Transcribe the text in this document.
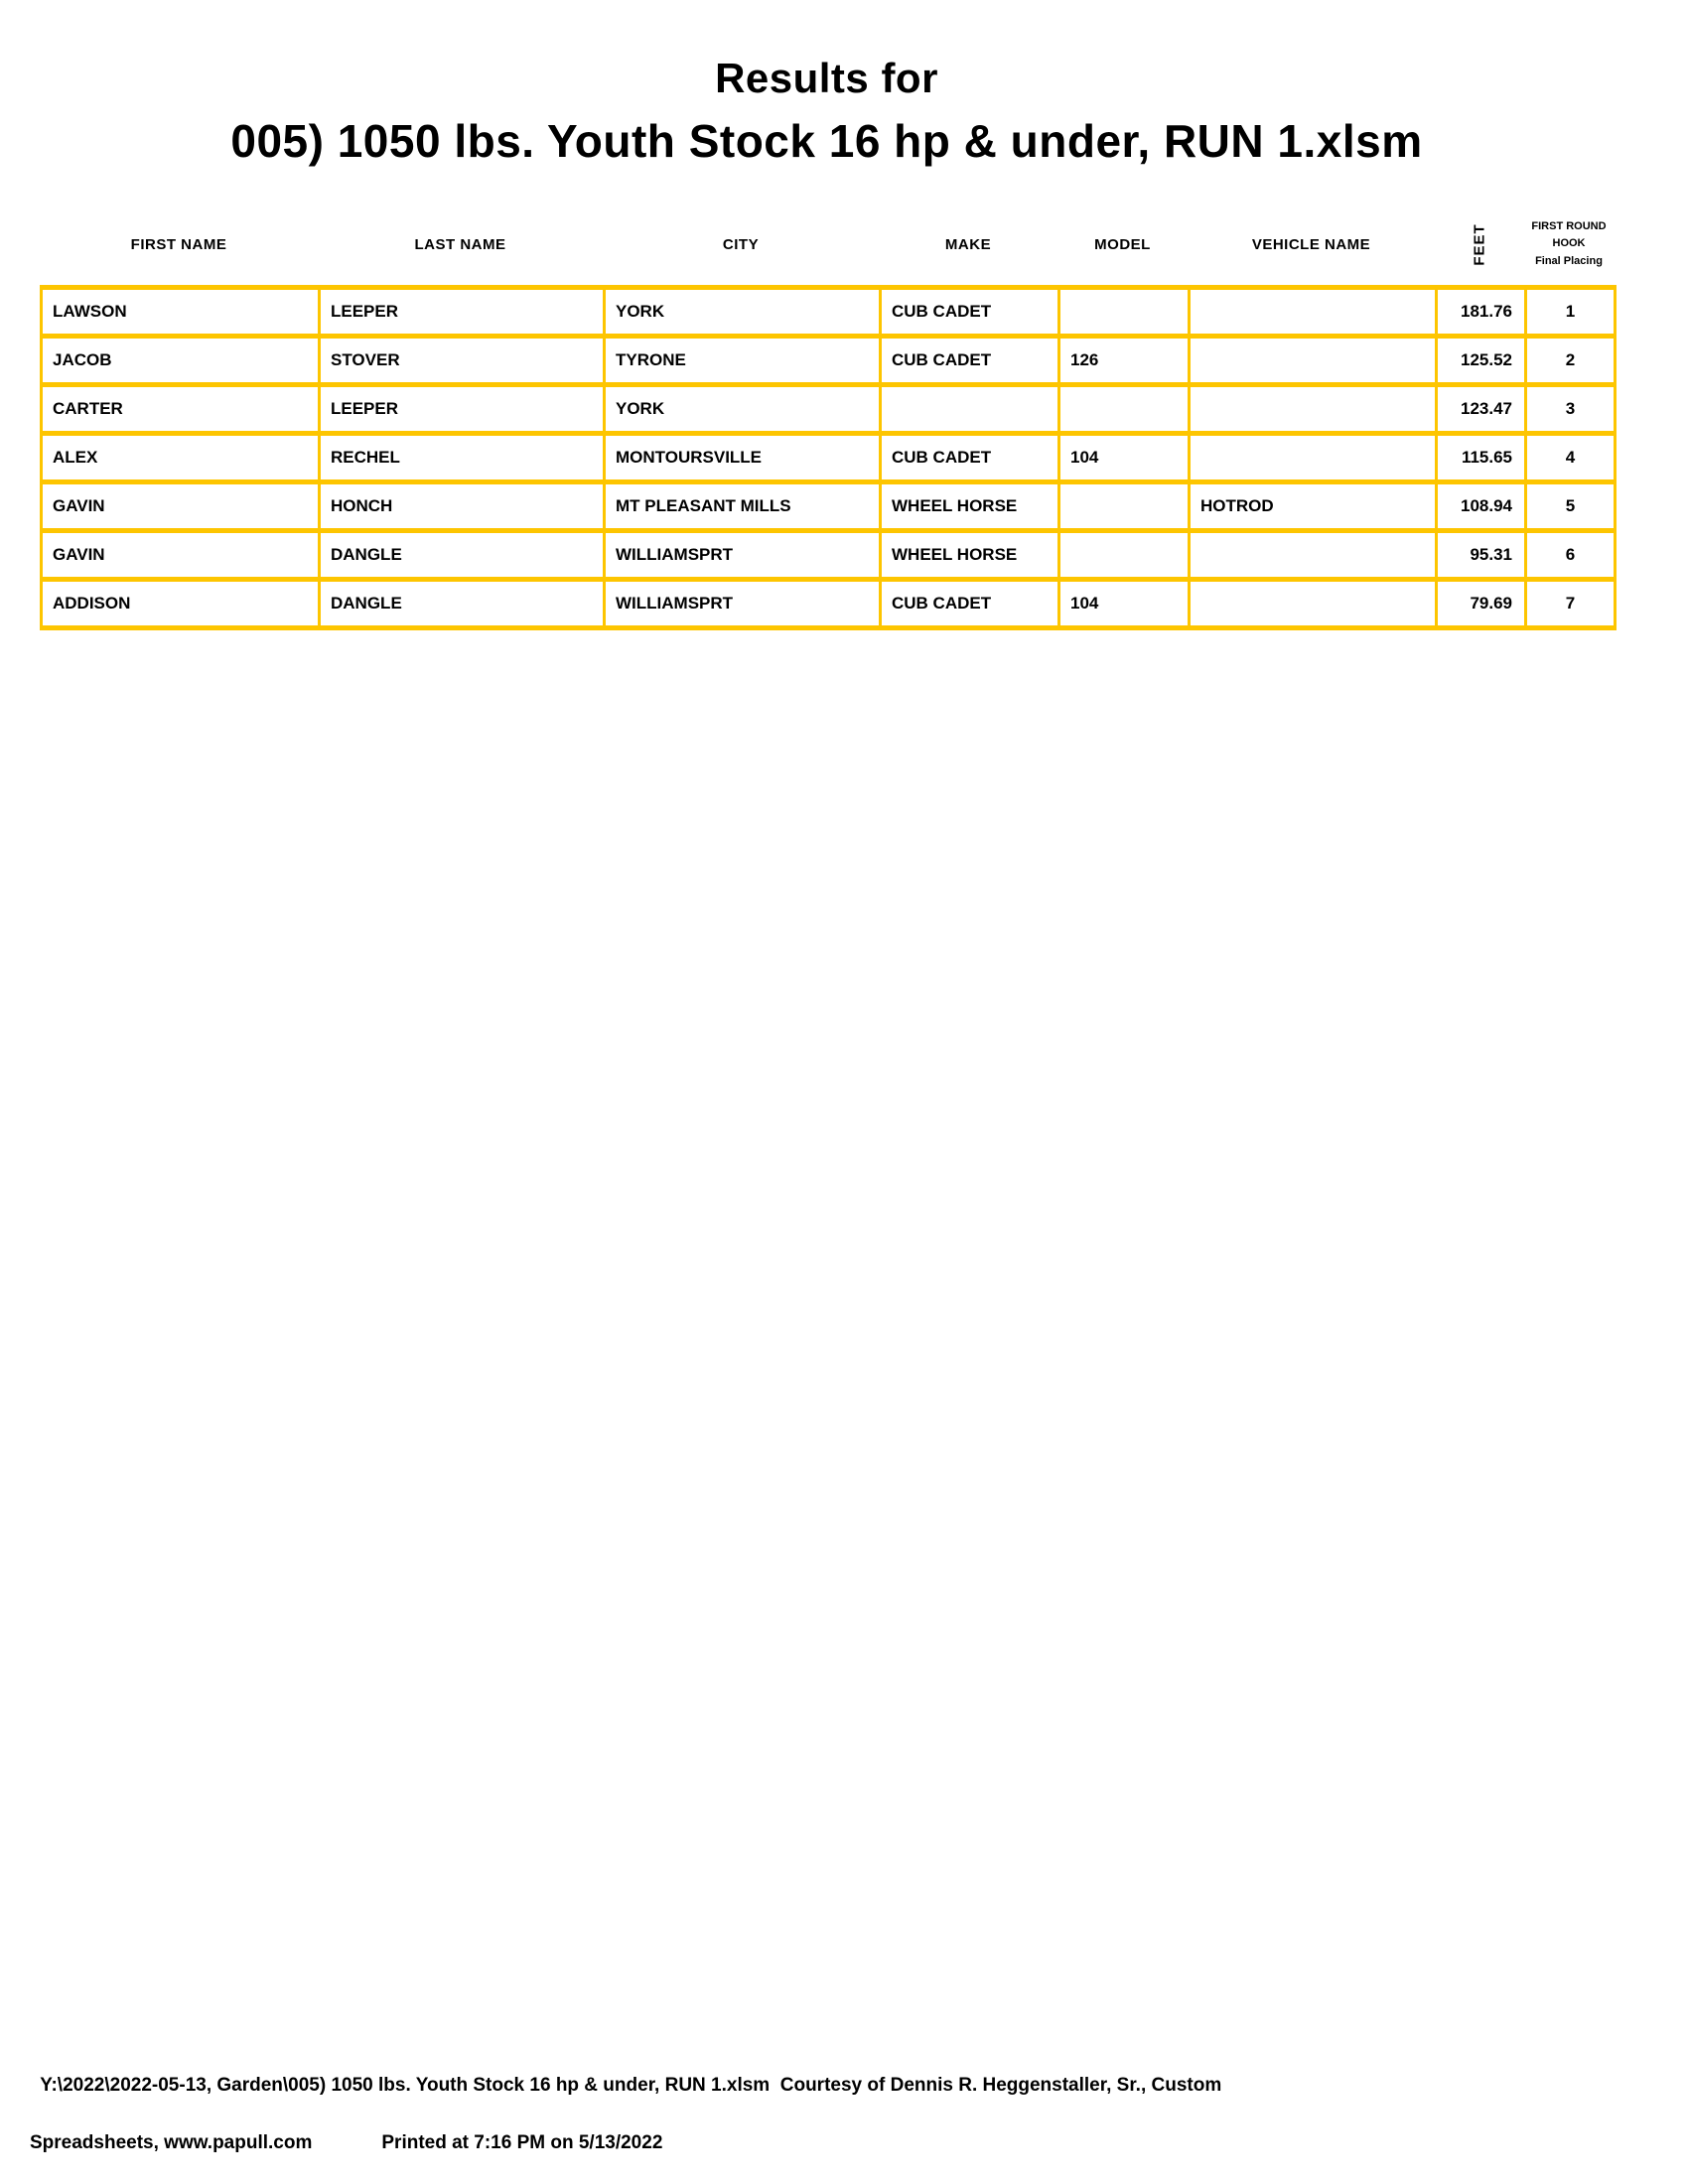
Results for
005) 1050 lbs. Youth Stock 16 hp & under, RUN 1.xlsm
FIRST NAME	LAST NAME	CITY	MAKE	MODEL	VEHICLE NAME	FEET	FIRST ROUND
HOOK
Final Placing
LAWSON	LEEPER	YORK	CUB CADET			181.76	1
JACOB	STOVER	TYRONE	CUB CADET	126		125.52	2
CARTER	LEEPER	YORK				123.47	3
ALEX	RECHEL	MONTOURSVILLE	CUB CADET	104		115.65	4
GAVIN	HONCH	MT PLEASANT MILLS	WHEEL HORSE		HOTROD	108.94	5
GAVIN	DANGLE	WILLIAMSPRT	WHEEL HORSE			95.31	6
ADDISON	DANGLE	WILLIAMSPRT	CUB CADET	104		79.69	7

Y:\2022\2022-05-13, Garden\005) 1050 lbs. Youth Stock 16 hp & under, RUN 1.xlsm  Courtesy of Dennis R. Heggenstaller, Sr., Custom

Spreadsheets, www.papull.com	Printed at 7:16 PM on 5/13/2022
